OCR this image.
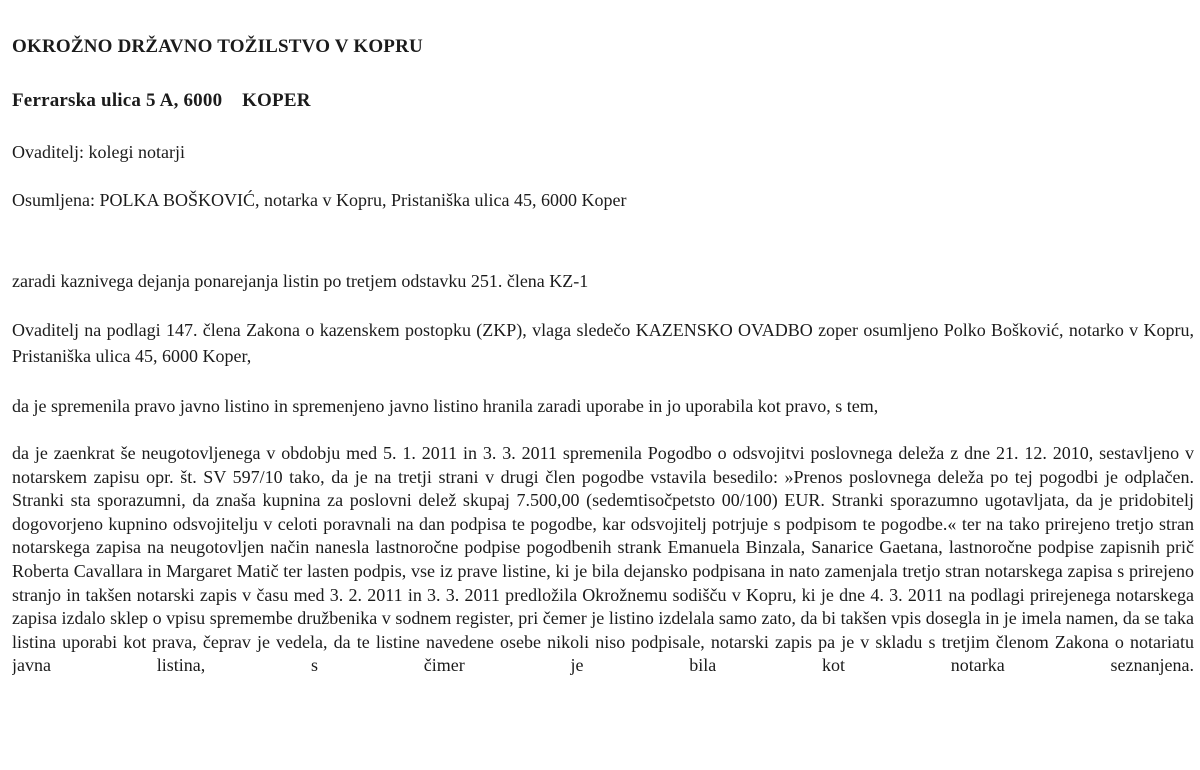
OKROŽNO DRŽAVNO TOŽILSTVO V KOPRU
Ferrarska ulica 5 A, 6000    KOPER
Ovaditelj: kolegi notarji
Osumljena: POLKA BOŠKOVIĆ, notarka v Kopru, Pristaniška ulica 45, 6000 Koper
zaradi kaznivega dejanja ponarejanja listin po tretjem odstavku 251. člena KZ-1

Ovaditelj na podlagi 147. člena Zakona o kazenskem postopku (ZKP), vlaga sledečo KAZENSKO OVADBO zoper osumljeno Polko Bošković, notarko v Kopru, Pristaniška ulica 45, 6000 Koper,

da je spremenila pravo javno listino in spremenjeno javno listino hranila zaradi uporabe in jo uporabila kot pravo, s tem,

da je zaenkrat še neugotovljenega v obdobju med 5. 1. 2011 in 3. 3. 2011 spremenila Pogodbo o odsvojitvi poslovnega deleža z dne 21. 12. 2010, sestavljeno v notarskem zapisu opr. št. SV 597/10 tako, da je na tretji strani v drugi člen pogodbe vstavila besedilo: »Prenos poslovnega deleža po tej pogodbi je odplačen. Stranki sta sporazumni, da znaša kupnina za poslovni delež skupaj 7.500,00 (sedemtisočpetsto 00/100) EUR. Stranki sporazumno ugotavljata, da je pridobitelj dogovorjeno kupnino odsvojitelju v celoti poravnali na dan podpisa te pogodbe, kar odsvojitelj potrjuje s podpisom te pogodbe.« ter na tako prirejeno tretjo stran notarskega zapisa na neugotovljen način nanesla lastnoročne podpise pogodbenih strank Emanuela Binzala, Sanarice Gaetana, lastnoročne podpise zapisnih prič Roberta Cavallara in Margaret Matič ter lasten podpis, vse iz prave listine, ki je bila dejansko podpisana in nato zamenjala tretjo stran notarskega zapisa s prirejeno stranjo in takšen notarski zapis v času med 3. 2. 2011 in 3. 3. 2011 predložila Okrožnemu sodišču v Kopru, ki je dne 4. 3. 2011 na podlagi prirejenega notarskega zapisa izdalo sklep o vpisu spremembe družbenika v sodnem register, pri čemer je listino izdelala samo zato, da bi takšen vpis dosegla in je imela namen, da se taka listina uporabi kot prava, čeprav je vedela, da te listine navedene osebe nikoli niso podpisale, notarski zapis pa je v skladu s tretjim členom Zakona o notariatu javna listina, s čimer je bila kot notarka seznanjena.
